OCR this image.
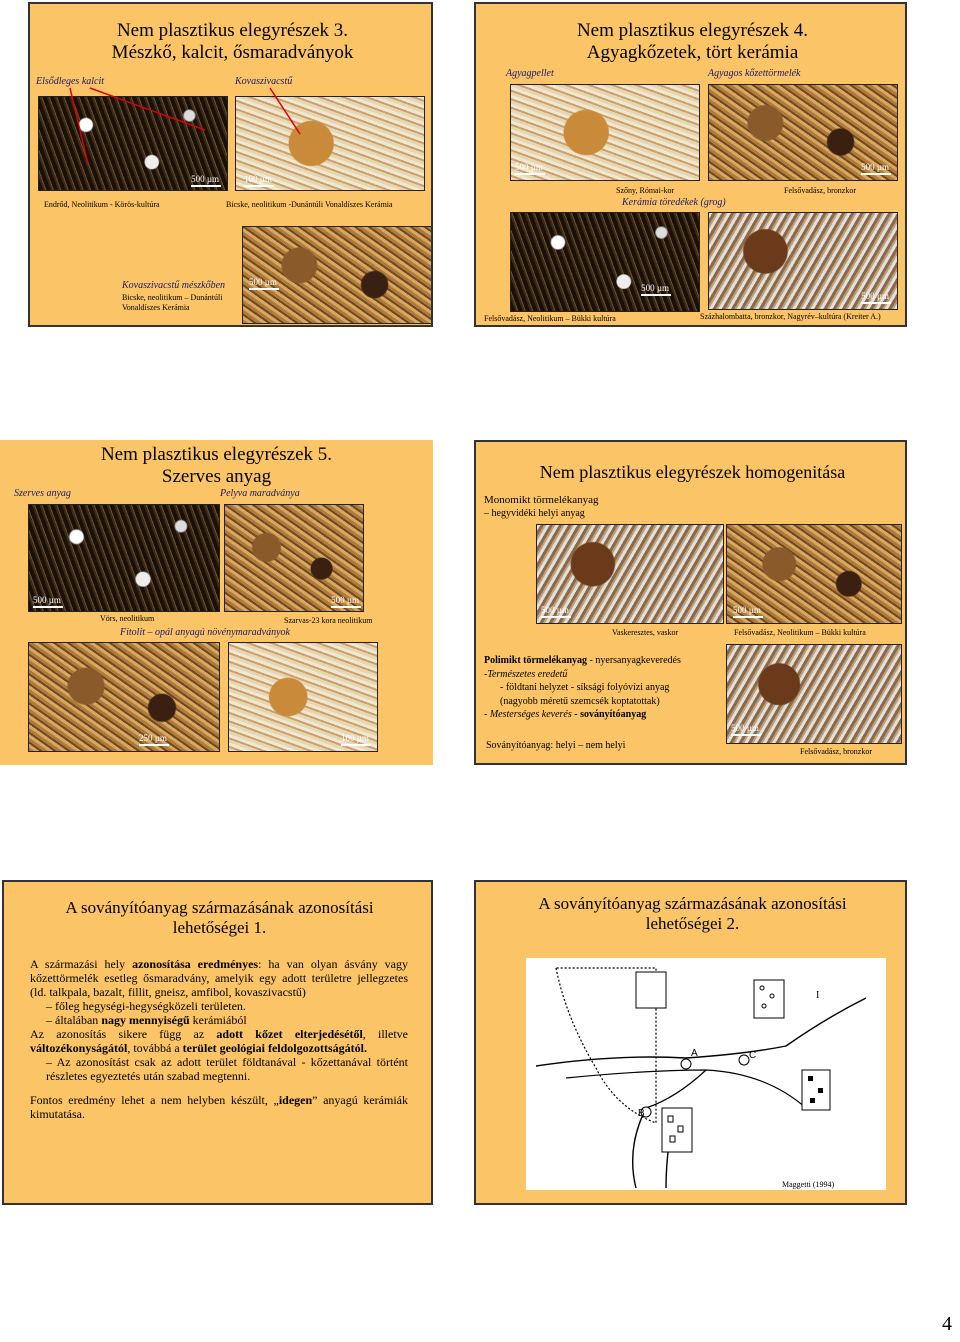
Nem plasztikus elegyrészek 3.
Mészkő, kalcit, ősmaradványok
Elsődleges kalcit	Kovaszivacstű
500 µm	100 µm
Endrőd, Neolitikum - Körös-kultúra	Bicske, neolitikum -Dunántúli Vonaldíszes Kerámia
Kovaszivacstű mészkőben
Bicske, neolitikum – Dunántúli
Vonaldíszes Kerámia
500 µm
Nem plasztikus elegyrészek 4.
Agyagkőzetek, tört kerámia
Agyagpellet	Agyagos kőzettörmelék
500 µm	500 µm
Szőny, Római-kor	Felsővadász, bronzkor
Kerámia töredékek (grog)
500 µm
500 µm
Felsővadász, Neolitikum – Bükki kultúra	Százhalombatta, bronzkor, Nagyrév–kultúra (Kreiter A.)
Nem plasztikus elegyrészek 5.
Szerves anyag
Szerves anyag	Pelyva maradványa
500 µm	500 µm
Vörs, neolitikum	Szarvas-23 kora neolitikum
Fitolit – opál anyagú növénymaradványok
250 µm	100 µm
Nem plasztikus elegyrészek homogenitása
Monomikt törmelékanyag
– hegyvidéki helyi anyag
500 µm	500 µm
Vaskeresztes, vaskor	Felsővadász, Neolitikum – Bükki kultúra
Polimikt törmelékanyag - nyersanyagkeveredés
-Természetes eredetű
- földtani helyzet - síksági folyóvízi anyag
(nagyobb méretű szemcsék koptatottak)
- Mesterséges keverés - soványítóanyag
500 µm
Soványítóanyag: helyi – nem helyi
Felsővadász, bronzkor
A soványítóanyag származásának azonosítási
lehetőségei 1.
A származási hely azonosítása eredményes: ha van olyan ásvány vagy kőzettörmelék esetleg ősmaradvány, amelyik egy adott területre jellegzetes (ld. talkpala, bazalt, fillit, gneisz, amfibol, kovaszivacstű)
– főleg hegységi-hegységközeli területen.
– általában nagy mennyiségű kerámiából
Az azonosítás sikere függ az adott kőzet elterjedésétől, illetve változékonyságától, továbbá a terület geológiai feldolgozottságától.
– Az azonosítást csak az adott terület földtanával - kőzettanával történt részletes egyeztetés után szabad megtenni.
Fontos eredmény lehet a nem helyben készült, „idegen” anyagú kerámiák kimutatása.
A soványítóanyag származásának azonosítási
lehetőségei 2.
A	C
B
I
Maggetti (1994)
4
